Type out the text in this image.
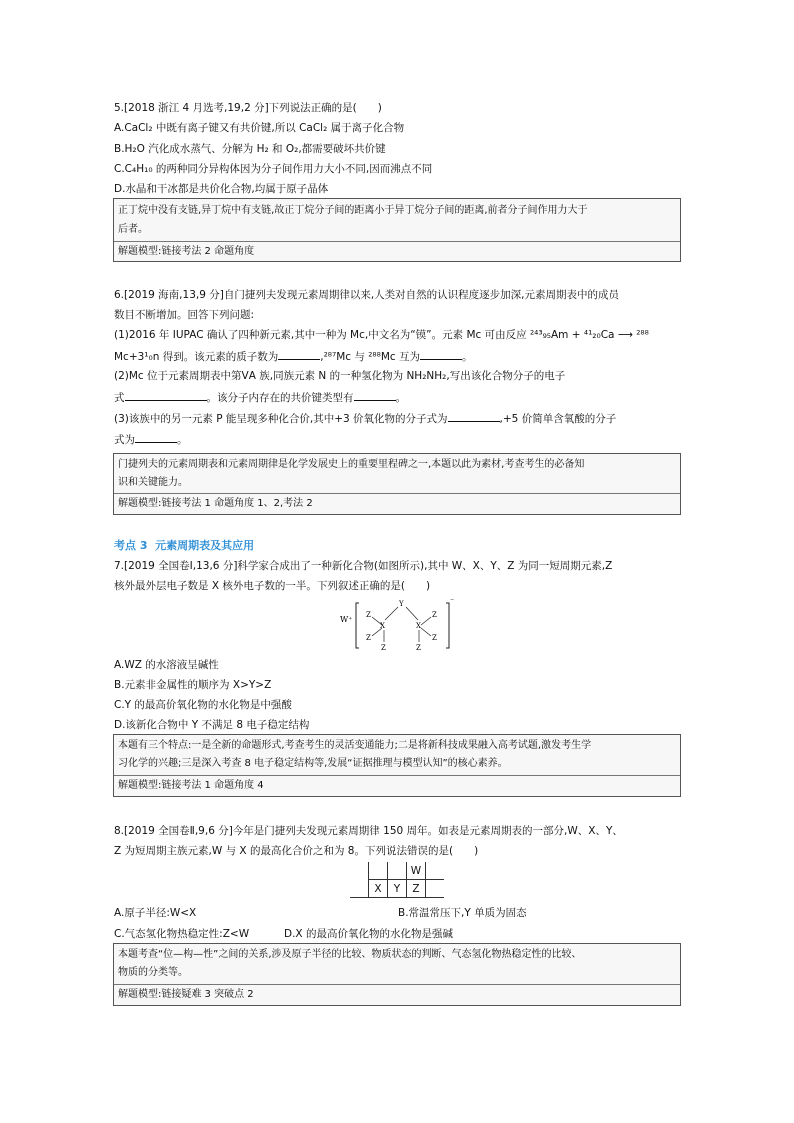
5.[2018 浙江 4 月选考,19,2 分]下列说法正确的是(　　)
A.CaCl₂ 中既有离子键又有共价键,所以 CaCl₂ 属于离子化合物
B.H₂O 汽化成水蒸气、分解为 H₂ 和 O₂,都需要破坏共价键
C.C₄H₁₀ 的两种同分异构体因为分子间作用力大小不同,因而沸点不同
D.水晶和干冰都是共价化合物,均属于原子晶体
正丁烷中没有支链,异丁烷中有支链,故正丁烷分子间的距离小于异丁烷分子间的距离,前者分子间作用力大于
后者。
解题模型:链接考法 2 命题角度
6.[2019 海南,13,9 分]自门捷列夫发现元素周期律以来,人类对自然的认识程度逐步加深,元素周期表中的成员
数目不断增加。回答下列问题:
(1)2016 年 IUPAC 确认了四种新元素,其中一种为 Mc,中文名为“镆”。元素 Mc 可由反应 ²⁴³₉₅Am + ⁴¹₂₀Ca ⟶ ²⁸⁸
Mc+3¹₀n 得到。该元素的质子数为	,²⁸⁷Mc 与 ²⁸⁸Mc 互为	。
(2)Mc 位于元素周期表中第ⅤA 族,同族元素 N 的一种氢化物为 NH₂NH₂,写出该化合物分子的电子
式	。该分子内存在的共价键类型有	。
(3)该族中的另一元素 P 能呈现多种化合价,其中+3 价氧化物的分子式为	,+5 价简单含氧酸的分子
式为	。
门捷列夫的元素周期表和元素周期律是化学发展史上的重要里程碑之一,本题以此为素材,考查考生的必备知
识和关键能力。
解题模型:链接考法 1 命题角度 1、2,考法 2
考点 3 元素周期表及其应用
7.[2019 全国卷Ⅰ,13,6 分]科学家合成出了一种新化合物(如图所示),其中 W、X、Y、Z 为同一短周期元素,Z
核外最外层电子数是 X 核外电子数的一半。下列叙述正确的是(　　)
W⁺
⁻
Y
X	X
Z
Z
Z
Z
Z
Z
A.WZ 的水溶液呈碱性
B.元素非金属性的顺序为 X>Y>Z
C.Y 的最高价氧化物的水化物是中强酸
D.该新化合物中 Y 不满足 8 电子稳定结构
本题有三个特点:一是全新的命题形式,考查考生的灵活变通能力;二是将新科技成果融入高考试题,激发考生学
习化学的兴趣;三是深入考查 8 电子稳定结构等,发展“证据推理与模型认知”的核心素养。
解题模型:链接考法 1 命题角度 4
8.[2019 全国卷Ⅱ,9,6 分]今年是门捷列夫发现元素周期律 150 周年。如表是元素周期表的一部分,W、X、Y、
Z 为短周期主族元素,W 与 X 的最高化合价之和为 8。下列说法错误的是(　　)
			W	
	X	Y	Z	
A.原子半径:W<X	B.常温常压下,Y 单质为固态
C.气态氢化物热稳定性:Z<W	D.X 的最高价氧化物的水化物是强碱
本题考查“位—构—性”之间的关系,涉及原子半径的比较、物质状态的判断、气态氢化物热稳定性的比较、
物质的分类等。
解题模型:链接疑难 3 突破点 2
